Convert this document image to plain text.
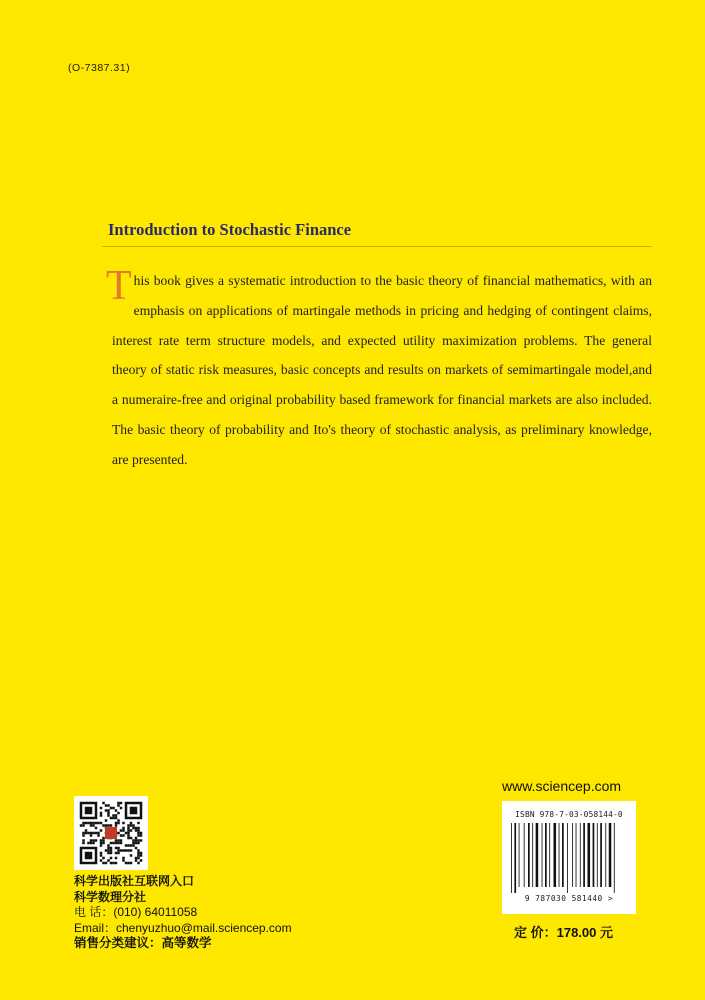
(O-7387.31)
Introduction to Stochastic Finance
This book gives a systematic introduction to the basic theory of financial mathematics, with an emphasis on applications of martingale methods in pricing and hedging of contingent claims, interest rate term structure models, and expected utility maximization problems. The general theory of static risk measures, basic concepts and results on markets of semimartingale model,and a numeraire-free and original probability based framework for financial markets are also included. The basic theory of probability and Ito's theory of stochastic analysis, as preliminary knowledge, are presented.
科学出版社互联网入口
科学数理分社
电 话：(010) 64011058
Email：chenyuzhuo@mail.sciencep.com
销售分类建议：高等数学
www.sciencep.com
ISBN 978-7-03-058144-0
9 787030 581440 >
定 价：178.00 元
